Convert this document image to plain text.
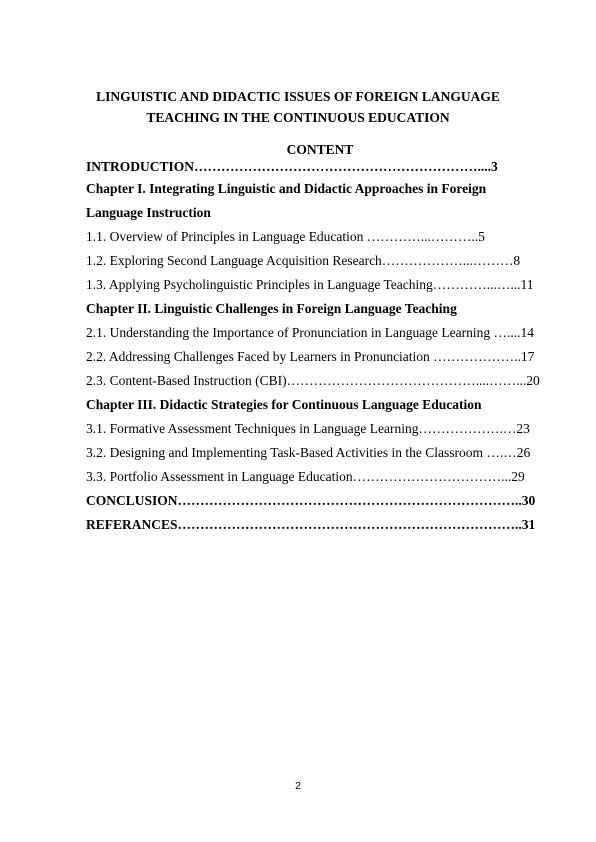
LINGUISTIC AND DIDACTIC ISSUES OF FOREIGN LANGUAGE
TEACHING IN THE CONTINUOUS EDUCATION
CONTENT
INTRODUCTION………………………………………………………....3
Chapter I. Integrating Linguistic and Didactic Approaches in Foreign
Language Instruction
1.1. Overview of Principles in Language Education …………...………..5
1.2. Exploring Second Language Acquisition Research………………...………8
1.3. Applying Psycholinguistic Principles in Language Teaching…………...…...11
Chapter II. Linguistic Challenges in Foreign Language Teaching
2.1. Understanding the Importance of Pronunciation in Language Learning …....14
2.2. Addressing Challenges Faced by Learners in Pronunciation ………………..17
2.3. Content-Based Instruction (CBI)……………………………………....……...20
Chapter III. Didactic Strategies for Continuous Language Education
3.1. Formative Assessment Techniques in Language Learning……………….…23
3.2. Designing and Implementing Task-Based Activities in the Classroom ….…26
3.3. Portfolio Assessment in Language Education……………………………...29
CONCLUSION…………………………………………………………………..30
REFERANCES…………………………………………………………………..31
2
